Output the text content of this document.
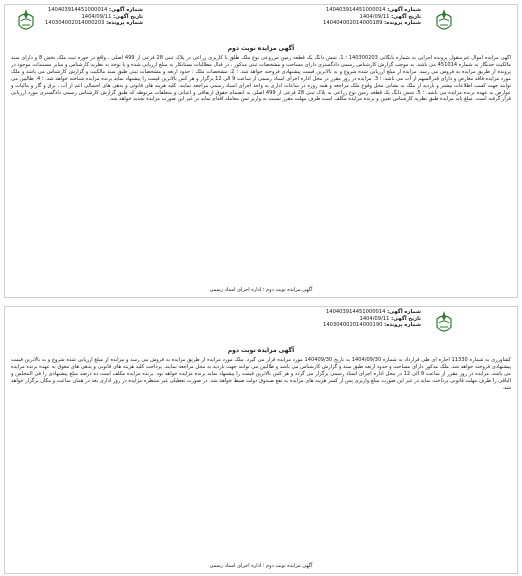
شماره آگهی: 140403914451000014
تاریخ آگهی: 1404/09/11
شماره پرونده: 140404002014000189
شماره آگهی: 140403914451000014
تاریخ آگهی: 1404/09/11
شماره پرونده: 140304002014000203
آگهی مزایده نوبت دوم
آگهی مزایده اموال غیرمنقول پرونده اجرایی به شماره بایگانی 140300203 ؛ 1. شش دانگ یک قطعه زمین مزروعی نوع ملک طلق با کاربری زراعی در پلاک ثبتی 28 فرعی از 499 اصلی ، واقع در حوزه ثبت ملک بخش 8 و دارای سند مالکیت حدنگار به شماره 451014 می باشد. به موجب گزارش کارشناس رسمی دادگستری دارای مساحت و مشخصات ثبتی مذکور ، در قبال مطالبات بستانکار به مبلغ ارزیابی شده و با توجه به نظریه کارشناس و سایر مستندات موجود در پرونده از طریق مزایده به فروش می رسد. مزایده از مبلغ ارزیابی شده شروع و به بالاترین قیمت پیشنهادی فروخته خواهد شد. ؛ 2. مشخصات ملک : حدود اربعه و مشخصات ثبتی طبق سند مالکیت و گزارش کارشناس می باشد و ملک مورد مزایده فاقد معارض و دارای قدرالسهم از آب می باشد. ؛ 3. مزایده در روز مقرر در محل اداره اجرای اسناد رسمی از ساعت 9 الی 12 برگزار و هر کس بالاترین قیمت را پیشنهاد نماید برنده مزایده شناخته خواهد شد. ؛ 4. طالبین می توانند جهت کسب اطلاعات بیشتر و بازدید از ملک به نشانی محل وقوع ملک مراجعه و همه روزه در ساعات اداری به واحد اجرای اسناد رسمی مراجعه نمایند. کلیه هزینه های قانونی و بدهی های احتمالی اعم از آب ، برق و گاز و مالیات و عوارض به عهده برنده مزایده می باشد. ؛ 5. شش دانگ یک قطعه زمین نوع زراعی به پلاک ثبتی 28 فرعی از 499 اصلی به انضمام حقوق ارتفاقی و اعیانی و متعلقات مربوطه که طبق گزارش کارشناس رسمی دادگستری مورد ارزیابی قرار گرفته است. مبلغ پایه مزایده طبق نظریه کارشناس تعیین و برنده مزایده مکلف است ظرف مهلت مقرر نسبت به واریز ثمن معامله اقدام نماید در غیر این صورت مزایده تجدید خواهد شد.
آگهی مزایده نوبت دوم ؛ اداره اجرای اسناد رسمی
شماره آگهی: 140403914451000014
تاریخ آگهی: 1404/09/11
شماره پرونده: 140304002014000190
آگهی مزایده نوبت دوم
کشاورزی به شماره 11330 اجاره ای طی قرارداد به شماره 1404/09/30 به تاریخ 140409/30 مورد مزایده قرار می گیرد. ملک مورد مزایده از طریق مزایده به فروش می رسد و مزایده از مبلغ ارزیابی شده شروع و به بالاترین قیمت پیشنهادی فروخته خواهد شد. ملک مذکور دارای مساحت و حدود اربعه طبق سند و گزارش کارشناس می باشد و طالبین می توانند جهت بازدید به محل مراجعه نمایند. پرداخت کلیه هزینه های قانونی و بدهی های معوق به عهده برنده مزایده می باشد. مزایده در روز مقرر از ساعت 9 الی 12 در محل اداره اجرای اسناد رسمی برگزار می گردد و هر کس بالاترین قیمت را پیشنهاد نماید برنده مزایده خواهد بود. برنده مزایده مکلف است ده درصد مبلغ پیشنهادی را فی المجلس و الباقی را ظرف مهلت قانونی پرداخت نماید در غیر این صورت مبلغ واریزی پس از کسر هزینه های مزایده به نفع صندوق دولت ضبط خواهد شد. در صورت تعطیلی غیر منتظره مزایده در روز اداری بعد در همان ساعت و مکان برگزار خواهد شد.
آگهی مزایده نوبت دوم ؛ اداره اجرای اسناد رسمی
